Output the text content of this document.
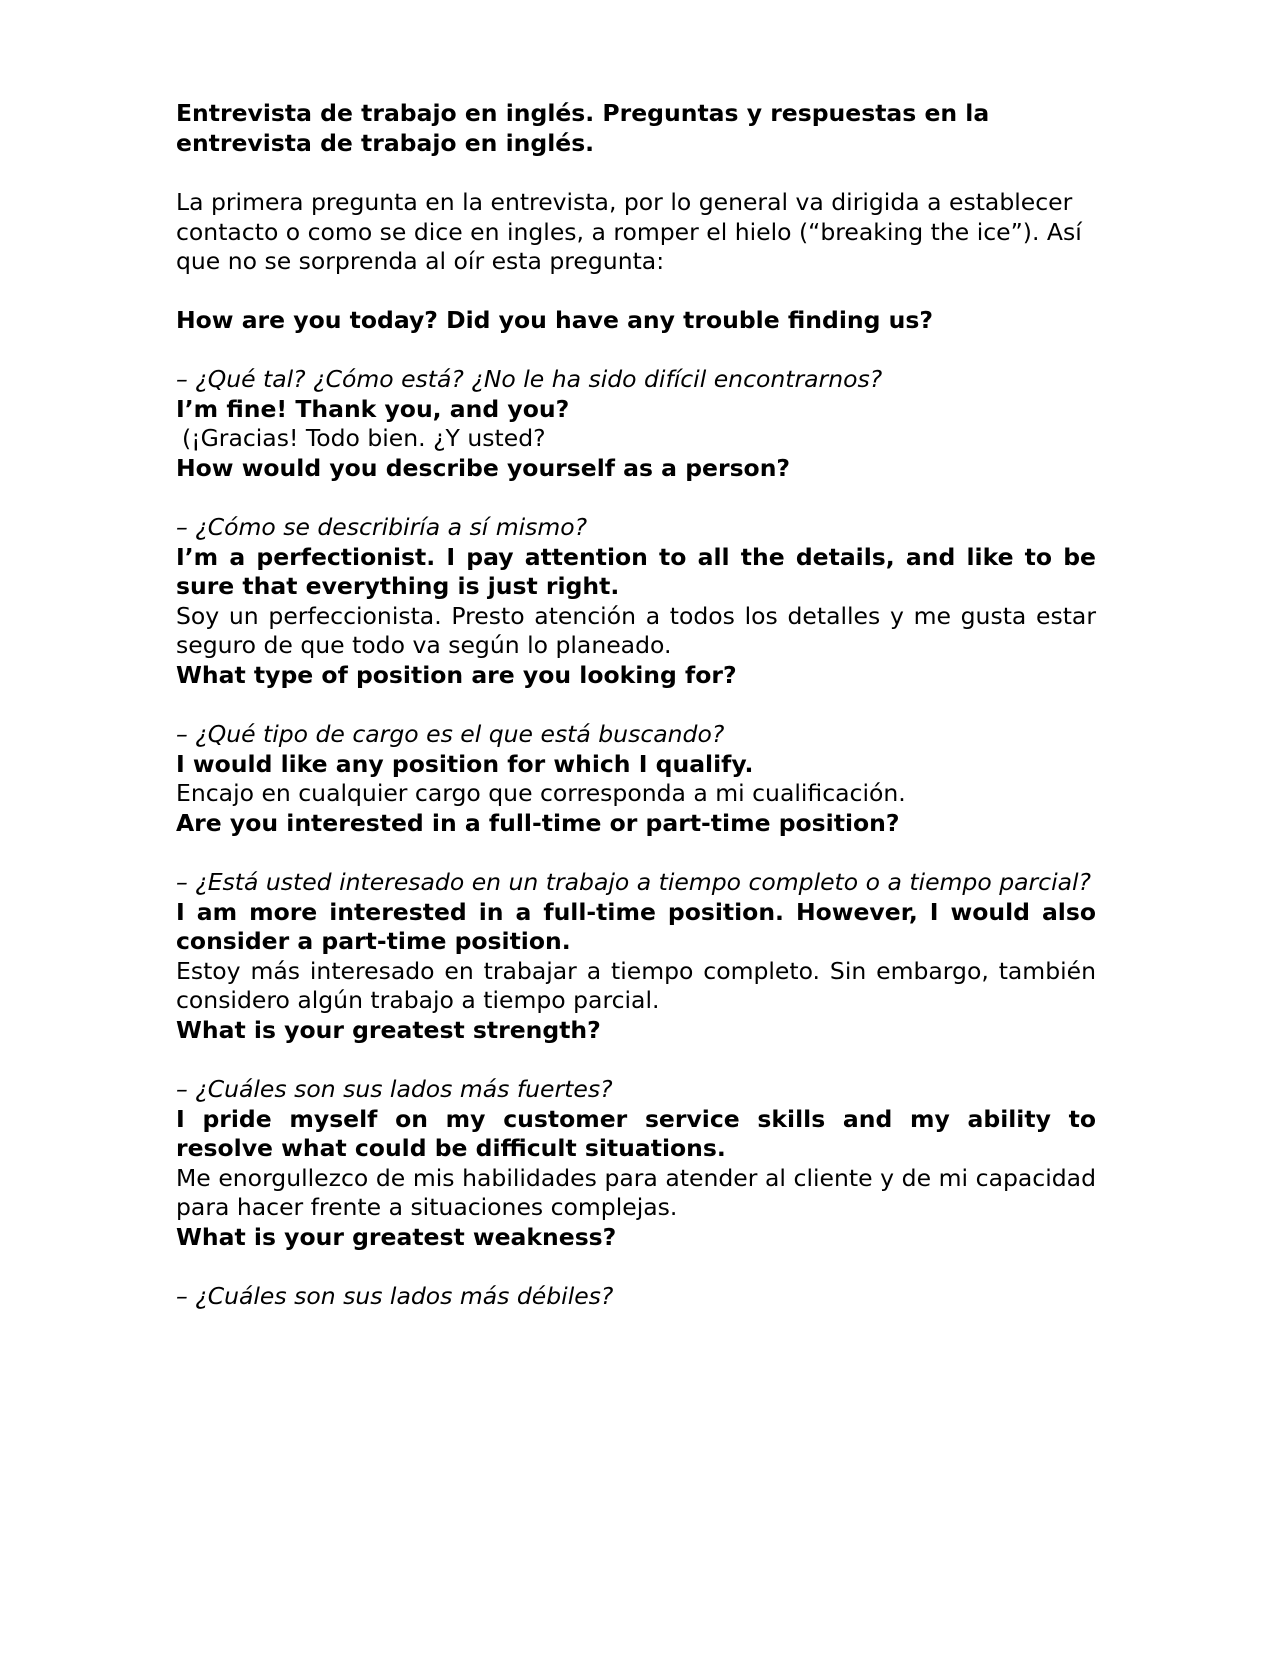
Entrevista de trabajo en inglés. Preguntas y respuestas en la entrevista de trabajo en inglés.

La primera pregunta en la entrevista, por lo general va dirigida a establecer contacto o como se dice en ingles, a romper el hielo (“breaking the ice”). Así que no se sorprenda al oír esta pregunta:

How are you today? Did you have any trouble finding us?
– ¿Qué tal? ¿Cómo está? ¿No le ha sido difícil encontrarnos?
I’m fine! Thank you, and you?
(¡Gracias! Todo bien. ¿Y usted?
How would you describe yourself as a person?
– ¿Cómo se describiría a sí mismo?
I’m a perfectionist. I pay attention to all the details, and like to be sure that everything is just right.
Soy un perfeccionista. Presto atención a todos los detalles y me gusta estar seguro de que todo va según lo planeado.
What type of position are you looking for?
– ¿Qué tipo de cargo es el que está buscando?
I would like any position for which I qualify.
Encajo en cualquier cargo que corresponda a mi cualificación.
Are you interested in a full-time or part-time position?
– ¿Está usted interesado en un trabajo a tiempo completo o a tiempo parcial?
I am more interested in a full-time position. However, I would also consider a part-time position.
Estoy más interesado en trabajar a tiempo completo. Sin embargo, también considero algún trabajo a tiempo parcial.
What is your greatest strength?
– ¿Cuáles son sus lados más fuertes?
I pride myself on my customer service skills and my ability to resolve what could be difficult situations.
Me enorgullezco de mis habilidades para atender al cliente y de mi capacidad para hacer frente a situaciones complejas.
What is your greatest weakness?
– ¿Cuáles son sus lados más débiles?
